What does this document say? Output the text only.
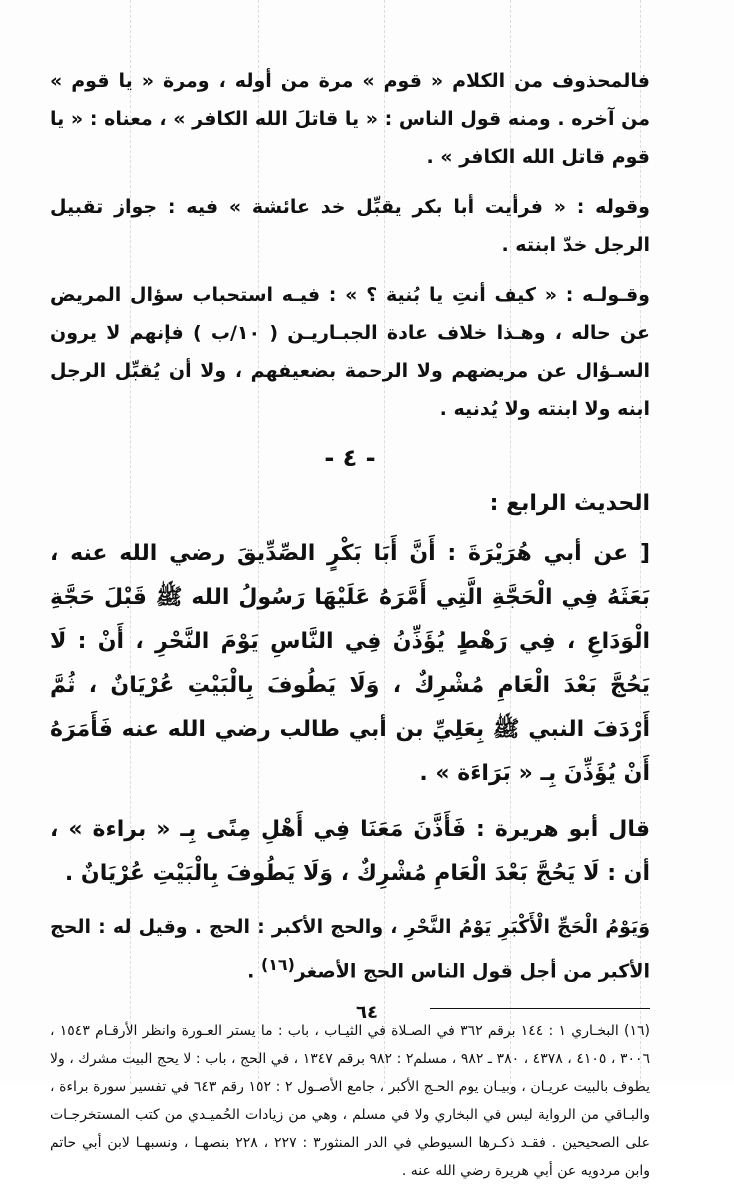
فالمحذوف من الكلام « قوم » مرة من أوله ، ومرة « يا قوم » من آخره . ومنه قول الناس : « يا قاتلَ الله الكافر » ، معناه : « يا قوم قاتل الله الكافر » .

وقوله : « فرأيت أبا بكر يقبِّل خد عائشة » فيه : جواز تقبيل الرجل خدّ ابنته .

وقـولـه : « كيف أنتِ يا بُنية ؟ » : فيـه استحباب سؤال المريض عن حاله ، وهـذا خلاف عادة الجبـاريـن ( ١٠/ب ) فإنهم لا يرون السـؤال عن مريضهم ولا الرحمة بضعيفهم ، ولا أن يُقبِّل الرجل ابنه ولا ابنته ولا يُدنيه .

- ٤ -
الحديث الرابع :

[ عن أبي هُرَيْرَةَ : أَنَّ أَبَا بَكْرٍ الصِّدِّيقَ رضي الله عنه ، بَعَثَهُ فِي الْحَجَّةِ الَّتِي أَمَّرَهُ عَلَيْهَا رَسُولُ الله ﷺ قَبْلَ حَجَّةِ الْوَدَاعِ ، فِي رَهْطٍ يُؤَذِّنُ فِي النَّاسِ يَوْمَ النَّحْرِ ، أَنْ : لَا يَحُجَّ بَعْدَ الْعَامِ مُشْرِكٌ ، وَلَا يَطُوفَ بِالْبَيْتِ عُرْيَانٌ ، ثُمَّ أَرْدَفَ النبي ﷺ بِعَلِيِّ بن أبي طالب رضي الله عنه فَأَمَرَهُ أَنْ يُؤَذِّنَ بِـ « بَرَاءَة » .

قال أبو هريرة : فَأَذَّنَ مَعَنَا فِي أَهْلِ مِنًى بِـ « براءة » ، أن : لَا يَحُجَّ بَعْدَ الْعَامِ مُشْرِكٌ ، وَلَا يَطُوفَ بِالْبَيْتِ عُرْيَانٌ .

وَيَوْمُ الْحَجِّ الْأَكْبَرِ يَوْمُ النَّحْرِ ، والحج الأكبر : الحج . وقيل له : الحج الأكبر من أجل قول الناس الحج الأصغر$^{(١٦)}$ .

(١٦) البخـاري ١ : ١٤٤ برقم ٣٦٢ في الصـلاة في الثيـاب ، باب : ما يستر العـورة وانظر الأرقـام ١٥٤٣ ، ٣٠٠٦ ، ٤١٠٥ ، ٤٣٧٨ ، ٣٨٠ ـ ٩٨٢ ، مسلم٢ : ٩٨٢ برقم ١٣٤٧ ، في الحج ، باب : لا يحج البيت مشرك ، ولا يطوف بالبيت عريـان ، وبيـان يوم الحـج الأكبر ، جامع الأصـول ٢ : ١٥٢ رقم ٦٤٣ في تفسير سورة براءة ، والبـاقي من الرواية ليس في البخاري ولا في مسلم ، وهي من زيادات الحُميـدي من كتب المستخرجـات على الصحيحين . فقـد ذكـرها السيوطي في الدر المنثور٣ : ٢٢٧ ، ٢٢٨ بنصهـا ، ونسبهـا لابن أبي حاتم وابن مردويه عن أبي هريرة رضي الله عنه .

٦٤
